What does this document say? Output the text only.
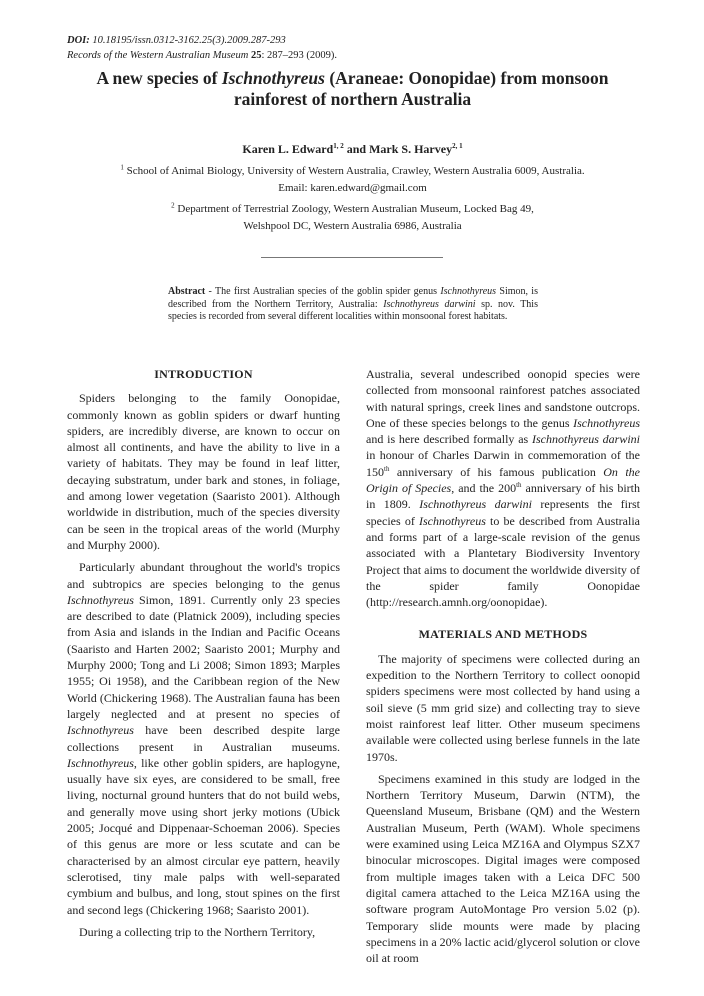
DOI: 10.18195/issn.0312-3162.25(3).2009.287-293
Records of the Western Australian Museum 25: 287–293 (2009).
A new species of Ischnothyreus (Araneae: Oonopidae) from monsoon rainforest of northern Australia
Karen L. Edward$^{1, 2}$ and Mark S. Harvey$^{2, 1}$
$^1$ School of Animal Biology, University of Western Australia, Crawley, Western Australia 6009, Australia.
Email: karen.edward@gmail.com
$^2$ Department of Terrestrial Zoology, Western Australian Museum, Locked Bag 49,
Welshpool DC, Western Australia 6986, Australia
Abstract - The first Australian species of the goblin spider genus Ischnothyreus Simon, is described from the Northern Territory, Australia: Ischnothyreus darwini sp. nov. This species is recorded from several different localities within monsoonal forest habitats.
INTRODUCTION

Spiders belonging to the family Oonopidae, commonly known as goblin spiders or dwarf hunting spiders, are incredibly diverse, are known to occur on almost all continents, and have the ability to live in a variety of habitats. They may be found in leaf litter, decaying substratum, under bark and stones, in foliage, and among lower vegetation (Saaristo 2001). Although worldwide in distribution, much of the species diversity can be seen in the tropical areas of the world (Murphy and Murphy 2000).

Particularly abundant throughout the world's tropics and subtropics are species belonging to the genus Ischnothyreus Simon, 1891. Currently only 23 species are described to date (Platnick 2009), including species from Asia and islands in the Indian and Pacific Oceans (Saaristo and Harten 2002; Saaristo 2001; Murphy and Murphy 2000; Tong and Li 2008; Simon 1893; Marples 1955; Oi 1958), and the Caribbean region of the New World (Chickering 1968). The Australian fauna has been largely neglected and at present no species of Ischnothyreus have been described despite large collections present in Australian museums. Ischnothyreus, like other goblin spiders, are haplogyne, usually have six eyes, are considered to be small, free living, nocturnal ground hunters that do not build webs, and generally move using short jerky motions (Ubick 2005; Jocqué and Dippenaar-Schoeman 2006). Species of this genus are more or less scutate and can be characterised by an almost circular eye pattern, heavily sclerotised, tiny male palps with well-separated cymbium and bulbus, and long, stout spines on the first and second legs (Chickering 1968; Saaristo 2001).

During a collecting trip to the Northern Territory,

Australia, several undescribed oonopid species were collected from monsoonal rainforest patches associated with natural springs, creek lines and sandstone outcrops. One of these species belongs to the genus Ischnothyreus and is here described formally as Ischnothyreus darwini in honour of Charles Darwin in commemoration of the 150th anniversary of his famous publication On the Origin of Species, and the 200th anniversary of his birth in 1809. Ischnothyreus darwini represents the first species of Ischnothyreus to be described from Australia and forms part of a large-scale revision of the genus associated with a Plantetary Biodiversity Inventory Project that aims to document the worldwide diversity of the spider family Oonopidae (http://research.amnh.org/oonopidae).

MATERIALS AND METHODS

The majority of specimens were collected during an expedition to the Northern Territory to collect oonopid spiders specimens were most collected by hand using a soil sieve (5 mm grid size) and collecting tray to sieve moist rainforest leaf litter. Other museum specimens available were collected using berlese funnels in the late 1970s.

Specimens examined in this study are lodged in the Northern Territory Museum, Darwin (NTM), the Queensland Museum, Brisbane (QM) and the Western Australian Museum, Perth (WAM). Whole specimens were examined using Leica MZ16A and Olympus SZX7 binocular microscopes. Digital images were composed from multiple images taken with a Leica DFC 500 digital camera attached to the Leica MZ16A using the software program AutoMontage Pro version 5.02 (p). Temporary slide mounts were made by placing specimens in a 20% lactic acid/glycerol solution or clove oil at room
